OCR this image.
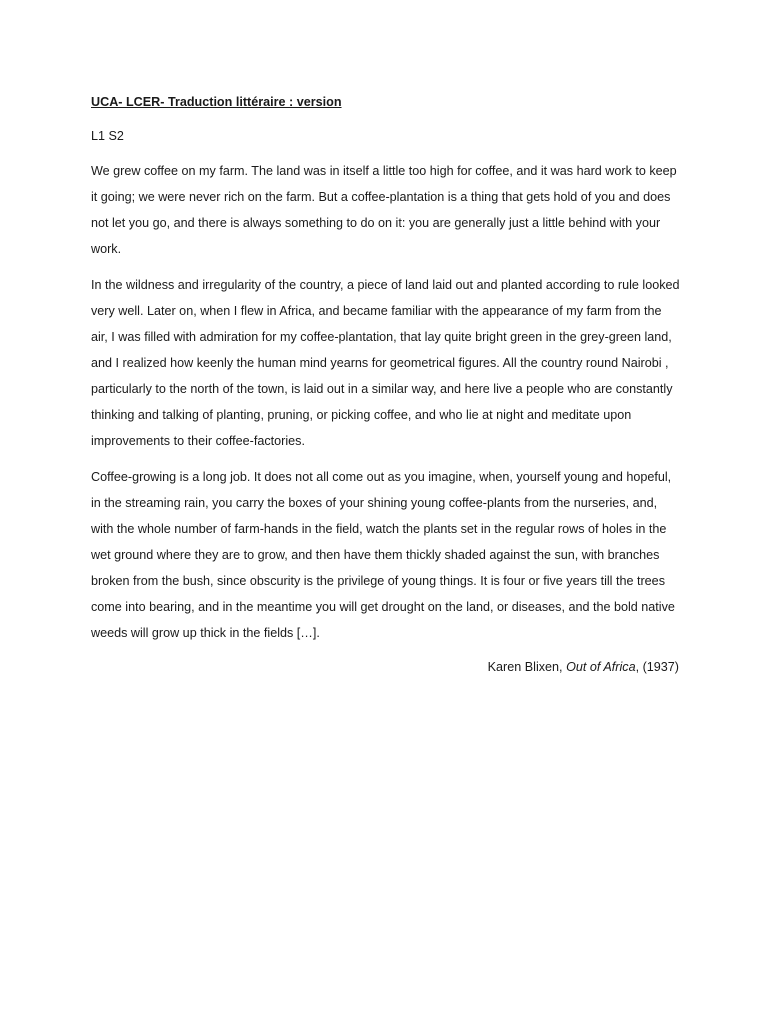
UCA- LCER- Traduction littéraire : version

L1 S2

We grew coffee on my farm. The land was in itself a little too high for coffee, and it was hard work to keep it going; we were never rich on the farm. But a coffee-plantation is a thing that gets hold of you and does not let you go, and there is always something to do on it: you are generally just a little behind with your work.

In the wildness and irregularity of the country, a piece of land laid out and planted according to rule looked very well. Later on, when I flew in Africa, and became familiar with the appearance of my farm from the air, I was filled with admiration for my coffee-plantation, that lay quite bright green in the grey-green land, and I realized how keenly the human mind yearns for geometrical figures. All the country round Nairobi , particularly to the north of the town, is laid out in a similar way, and here live a people who are constantly thinking and talking of planting, pruning, or picking coffee, and who lie at night and meditate upon improvements to their coffee-factories.

Coffee-growing is a long job. It does not all come out as you imagine, when, yourself young and hopeful, in the streaming rain, you carry the boxes of your shining young coffee-plants from the nurseries, and, with the whole number of farm-hands in the field, watch the plants set in the regular rows of holes in the wet ground where they are to grow, and then have them thickly shaded against the sun, with branches broken from the bush, since obscurity is the privilege of young things. It is four or five years till the trees come into bearing, and in the meantime you will get drought on the land, or diseases, and the bold native weeds will grow up thick in the fields […].

Karen Blixen, Out of Africa, (1937)
